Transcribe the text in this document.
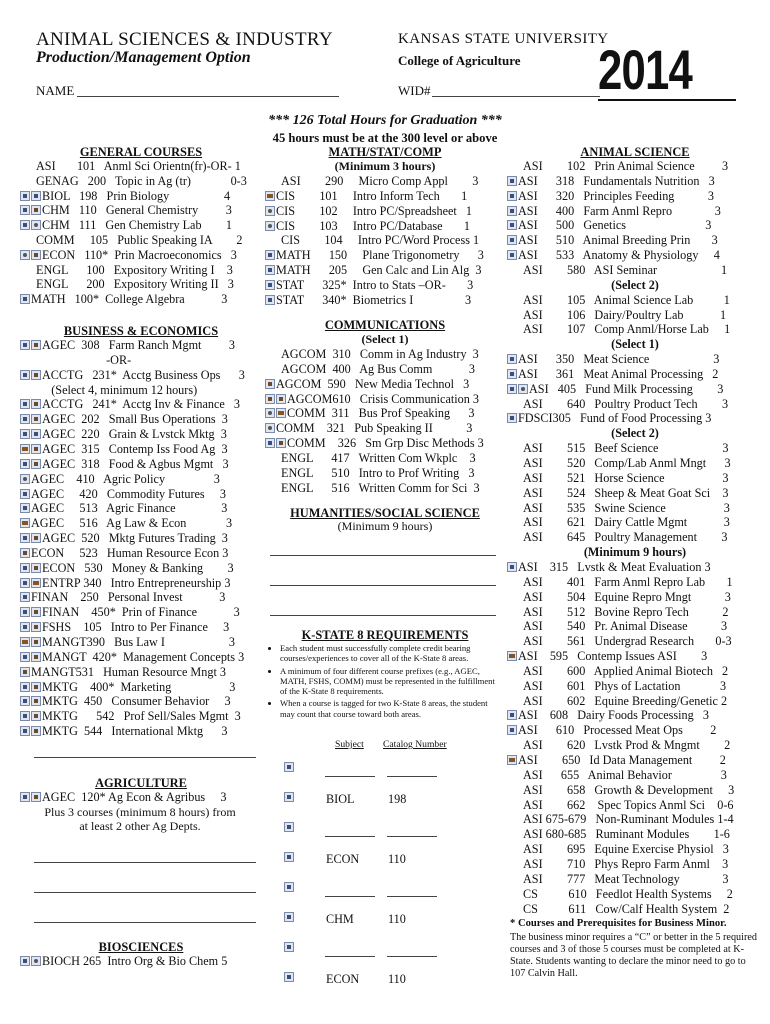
ANIMAL SCIENCES & INDUSTRY
Production/Management Option
NAME
KANSAS STATE UNIVERSITY
College of Agriculture
WID#	2014
*** 126 Total Hours for Graduation ***
45 hours must be at the 300 level or above
GENERAL COURSES
BUSINESS & ECONOMICS
AGRICULTURE
AGEC  120* Ag Econ & Agribus     3
Plus 3 courses (minimum 8 hours) from
at least 2 other Ag Depts.
BIOSCIENCES
BIOCH 265  Intro Org & Bio Chem 5
MATH/STAT/COMP
(Minimum 3 hours)
COMMUNICATIONS
(Select 1)
HUMANITIES/SOCIAL SCIENCE
(Minimum 9 hours)
K-STATE 8 REQUIREMENTS
• Each student must successfully complete credit bearing courses/experiences to cover all of the K-State 8 areas.
• A minimum of four different course prefixes (e.g., AGEC, MATH, FSHS, COMM) must be represented in the fulfillment of the K-State 8 requirements.
• When a course is tagged for two K-State 8 areas, the student may count that course toward both areas.
Subject Catalog Number
ANIMAL SCIENCE
* Courses and Prerequisites for Business Minor.
The business minor requires a “C” or better in the 5 required courses and 3 of those 5 courses must be completed at K-State. Students wanting to declare the minor need to go to 107 Calvin Hall.
ASI       101   Anml Sci Orientn(fr)-OR- 1
GENAG   200   Topic in Ag (tr)             0-3
BIOL   198   Prin Biology                  4
CHM   110   General Chemistry         3
CHM   111   Gen Chemistry Lab        1
COMM     105   Public Speaking IA        2
ECON   110*  Prin Macroeconomics   3
ENGL      100   Expository Writing I    3
ENGL      200   Expository Writing II   3
MATH   100*  College Algebra            3
AGEC  308   Farm Ranch Mgmt         3
-OR-
ACCTG   231*  Acctg Business Ops      3
(Select 4, minimum 12 hours)
ACCTG   241*  Acctg Inv & Finance   3
AGEC  202   Small Bus Operations  3
AGEC  220   Grain & Lvstck Mktg  3
AGEC  315   Contemp Iss Food Ag  3
AGEC  318   Food & Agbus Mgmt   3
AGEC    410   Agric Policy                3
AGEC     420   Commodity Futures     3
AGEC     513   Agric Finance               3
AGEC     516   Ag Law & Econ             3
AGEC  520   Mktg Futures Trading  3
ECON     523   Human Resource Econ 3
ECON   530   Money & Banking        3
ENTRP 340   Intro Entrepreneurship 3
FINAN    250   Personal Invest            3
FINAN    450*  Prin of Finance            3
FSHS    105   Intro to Per Finance     3
MANGT390   Bus Law I                     3
MANGT  420*  Management Concepts 3
MANGT531   Human Resource Mngt 3
MKTG    400*  Marketing                   3
MKTG  450   Consumer Behavior     3
MKTG      542   Prof Sell/Sales Mgmt  3
MKTG  544   International Mktg      3
ASI        290     Micro Comp Appl        3
CIS        101     Intro Inform Tech       1
CIS        102     Intro PC/Spreadsheet   1
CIS        103     Intro PC/Database       1
CIS        104     Intro PC/Word Process 1
MATH      150     Plane Trigonometry      3
MATH      205     Gen Calc and Lin Alg  3
STAT      325*  Intro to Stats –OR-       3
STAT      340*  Biometrics I                 3
AGCOM  310   Comm in Ag Industry  3
AGCOM  400   Ag Bus Comm            3
AGCOM  590   New Media Technol   3
AGCOM610   Crisis Communication 3
COMM  311   Bus Prof Speaking      3
COMM    321   Pub Speaking II           3
COMM    326   Sm Grp Disc Methods 3
ENGL      417   Written Com Wkplc    3
ENGL      510   Intro to Prof Writing   3
ENGL      516   Written Comm for Sci  3
BIOL	198
ECON 110
CHM	110
ECON 110
ASI        102   Prin Animal Science         3
ASI      318   Fundamentals Nutrition   3
ASI      320   Principles Feeding           3
ASI      400   Farm Anml Repro              3
ASI      500   Genetics                          3
ASI      510   Animal Breeding Prin       3
ASI      533   Anatomy & Physiology     4
ASI        580   ASI Seminar                     1
(Select 2)
ASI        105   Animal Science Lab          1
ASI        106   Dairy/Poultry Lab            1
ASI        107   Comp Anml/Horse Lab     1
(Select 1)
ASI      350   Meat Science                     3
ASI      361   Meat Animal Processing   2
ASI   405   Fund Milk Processing        3
ASI        640   Poultry Product Tech        3
FDSCI305   Fund of Food Processing 3
(Select 2)
ASI        515   Beef Science                     3
ASI        520   Comp/Lab Anml Mngt      3
ASI        521   Horse Science                   3
ASI        524   Sheep & Meat Goat Sci    3
ASI        535   Swine Science                   3
ASI        621   Dairy Cattle Mgmt            3
ASI        645   Poultry Management        3
(Minimum 9 hours)
ASI    315   Lvstk & Meat Evaluation 3
ASI        401   Farm Anml Repro Lab       1
ASI        504   Equine Repro Mngt           3
ASI        512   Bovine Repro Tech           2
ASI        540   Pr. Animal Disease           3
ASI        561   Undergrad Research       0-3
ASI    595   Contemp Issues ASI        3
ASI        600   Applied Animal Biotech   2
ASI        601   Phys of Lactation             3
ASI        602   Equine Breeding/Genetic 2
ASI    608   Dairy Foods Processing   3
ASI      610   Processed Meat Ops         2
ASI        620   Lvstk Prod & Mngmt        2
ASI        650   Id Data Management         2
ASI      655   Animal Behavior                3
ASI        658   Growth & Development     3
ASI        662    Spec Topics Anml Sci    0-6
ASI 675-679   Non-Ruminant Modules 1-4
ASI 680-685   Ruminant Modules        1-6
ASI        695   Equine Exercise Physiol   3
ASI        710   Phys Repro Farm Anml    3
ASI        777   Meat Technology              3
CS          610   Feedlot Health Systems     2
CS          611   Cow/Calf Health System  2
